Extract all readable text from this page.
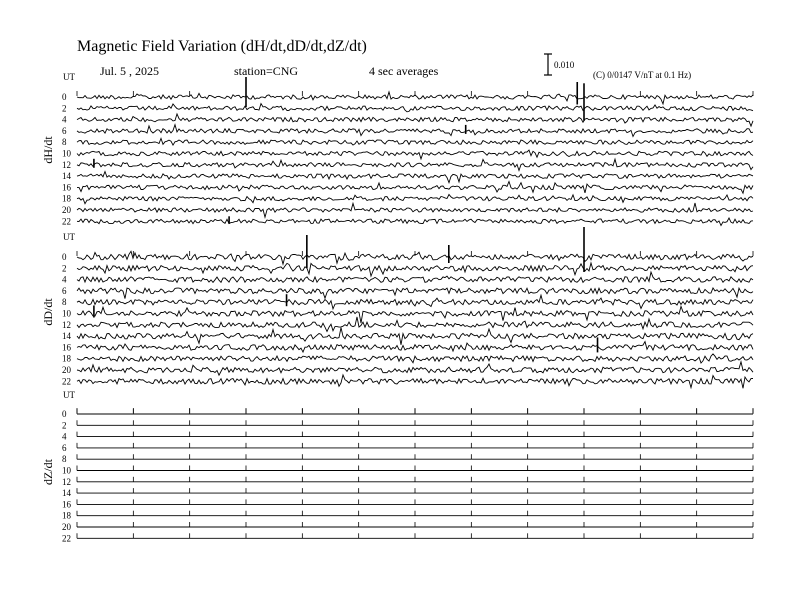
Magnetic Field Variation (dH/dt,dD/dt,dZ/dt)
Jul. 5 , 2025	station=CNG	4 sec averages	0.010
(C) 0/0147 V/nT at 0.1 Hz)
UT
dH/dt
0
2
4
6
8
10
12
14
16
18
20
22
UT
dD/dt
0
2
4
6
8
10
12
14
16
18
20
22
UT
dZ/dt
0
2
4
6
8
10
12
14
16
18
20
22
